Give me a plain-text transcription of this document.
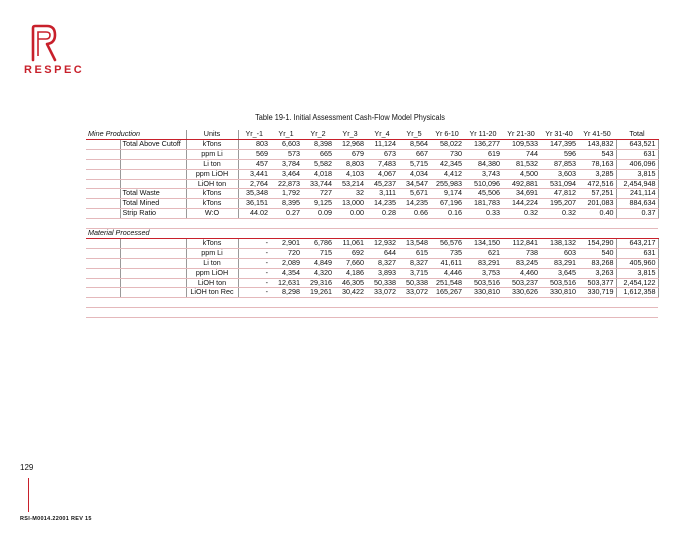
RESPEC
Table 19-1. Initial Assessment Cash-Flow Model Physicals
Mine Production		Units	Yr_-1	Yr_1	Yr_2	Yr_3	Yr_4	Yr_5	Yr 6-10	Yr 11-20	Yr 21-30	Yr 31-40	Yr 41-50	Total
	Total Above Cutoff	kTons	803	6,603	8,398	12,968	11,124	8,564	58,022	136,277	109,533	147,395	143,832	643,521
		ppm Li	569	573	665	679	673	667	730	619	744	596	543	631
		Li ton	457	3,784	5,582	8,803	7,483	5,715	42,345	84,380	81,532	87,853	78,163	406,096
		ppm LiOH	3,441	3,464	4,018	4,103	4,067	4,034	4,412	3,743	4,500	3,603	3,285	3,815
		LiOH ton	2,764	22,873	33,744	53,214	45,237	34,547	255,983	510,096	492,881	531,094	472,516	2,454,948
	Total Waste	kTons	35,348	1,792	727	32	3,111	5,671	9,174	45,506	34,691	47,812	57,251	241,114
	Total Mined	kTons	36,151	8,395	9,125	13,000	14,235	14,235	67,196	181,783	144,224	195,207	201,083	884,634
	Strip Ratio	W:O	44.02	0.27	0.09	0.00	0.28	0.66	0.16	0.33	0.32	0.32	0.40	0.37

Material Processed														
		kTons	-	2,901	6,786	11,061	12,932	13,548	56,576	134,150	112,841	138,132	154,290	643,217
		ppm Li	-	720	715	692	644	615	735	621	738	603	540	631
		Li ton	-	2,089	4,849	7,660	8,327	8,327	41,611	83,291	83,245	83,291	83,268	405,960
		ppm LiOH	-	4,354	4,320	4,186	3,893	3,715	4,446	3,753	4,460	3,645	3,263	3,815
		LiOH ton	-	12,631	29,316	46,305	50,338	50,338	251,548	503,516	503,237	503,516	503,377	2,454,122
		LiOH ton Rec	-	8,298	19,261	30,422	33,072	33,072	165,267	330,810	330,626	330,810	330,719	1,612,358

129
RSI-M0014.22001 REV 15
